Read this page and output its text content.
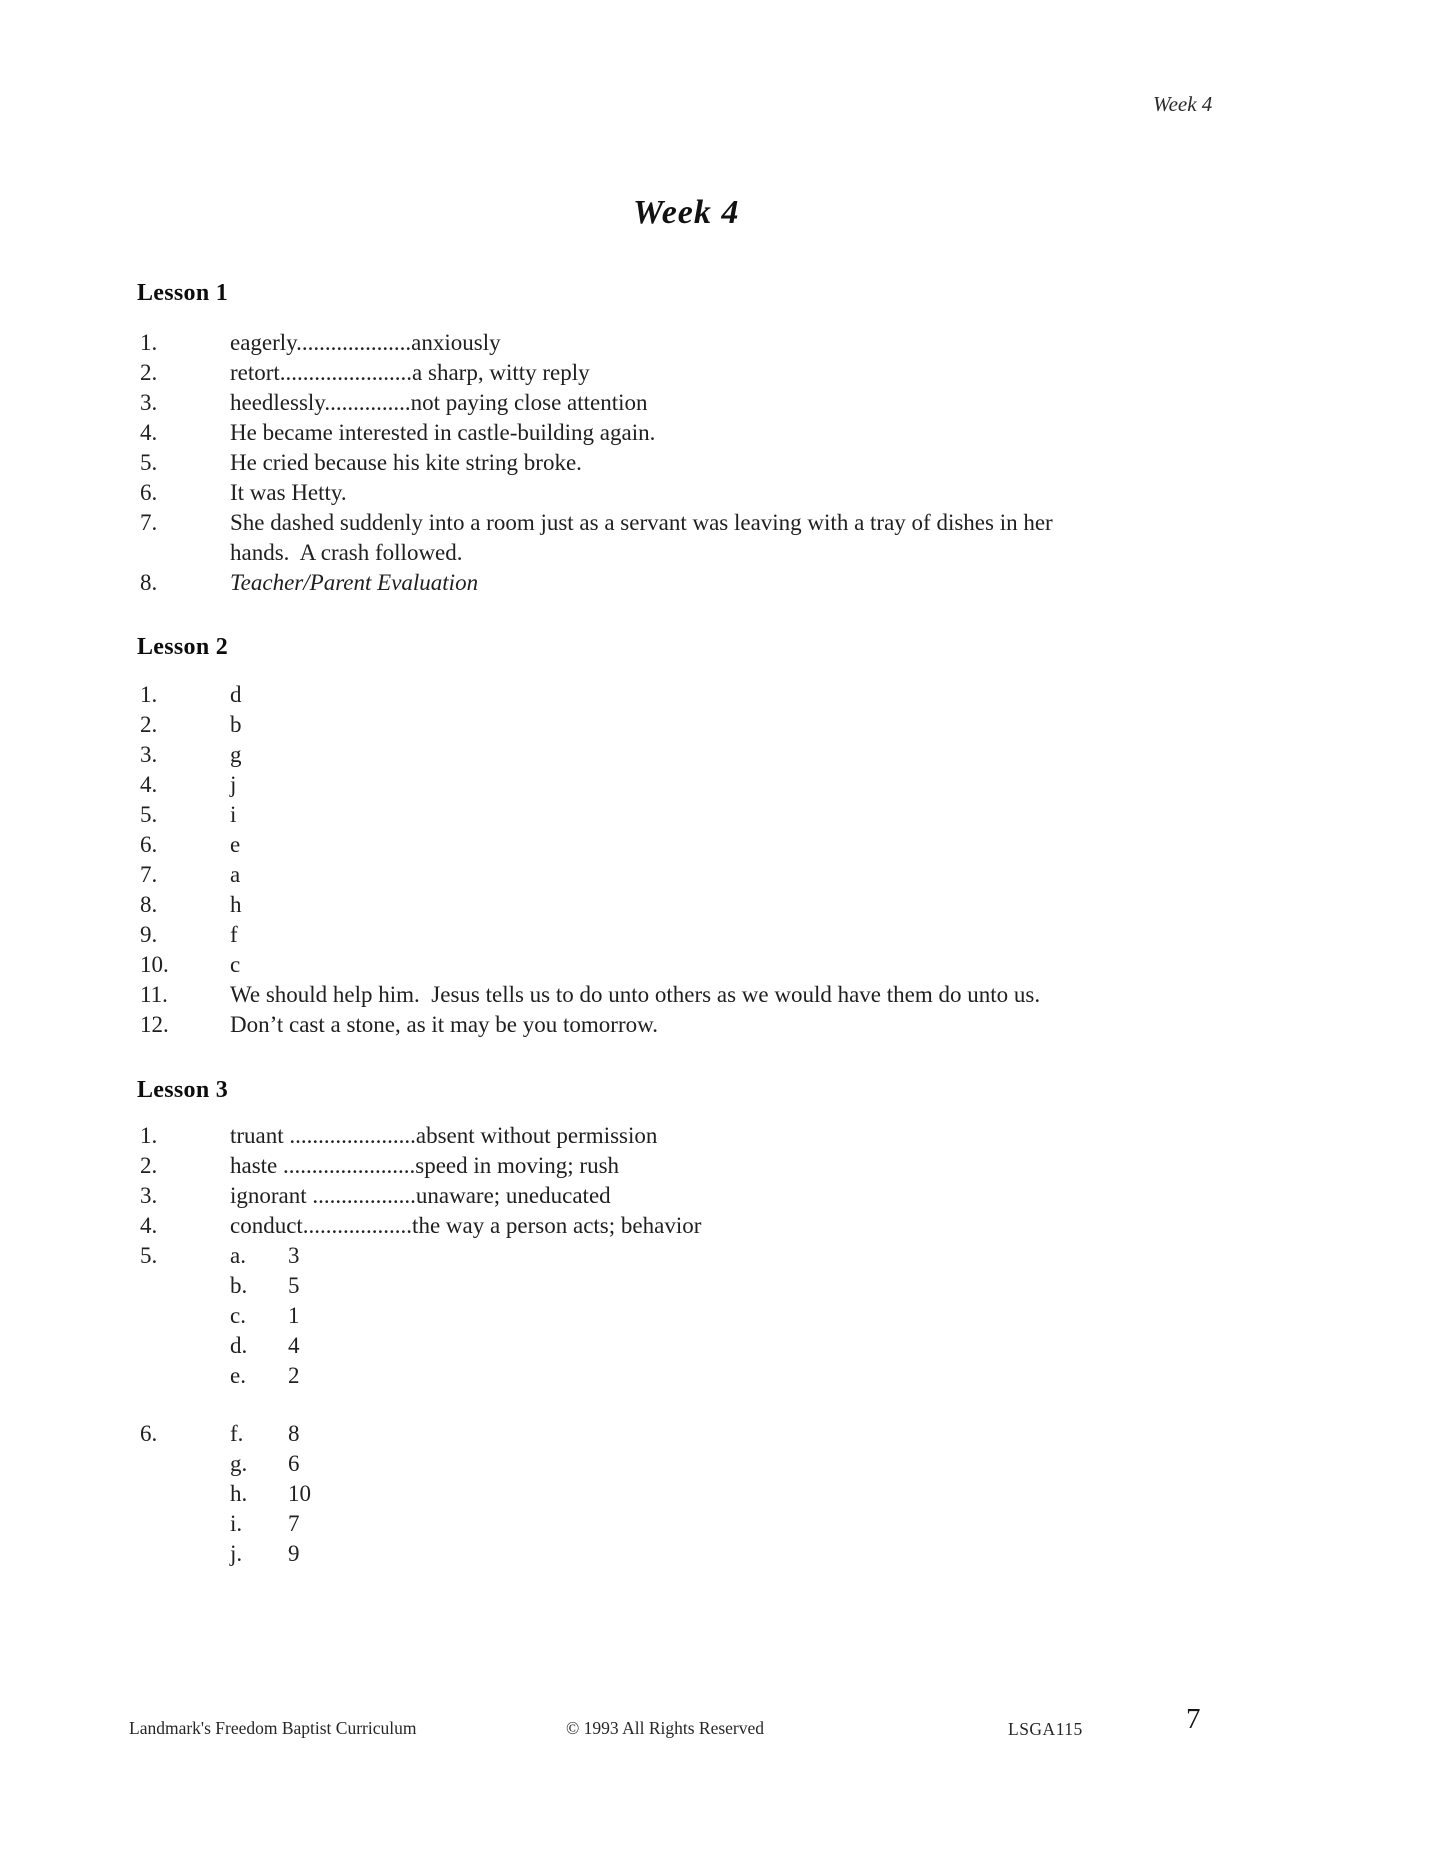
Week 4
Week 4
Lesson 1
1.	eagerly....................anxiously
2.	retort.......................a sharp, witty reply
3.	heedlessly...............not paying close attention
4.	He became interested in castle-building again.
5.	He cried because his kite string broke.
6.	It was Hetty.
7.	She dashed suddenly into a room just as a servant was leaving with a tray of dishes in her hands.  A crash followed.
8.	Teacher/Parent Evaluation
Lesson 2
1.	d
2.	b
3.	g
4.	j
5.	i
6.	e
7.	a
8.	h
9.	f
10.	c
11.	We should help him.  Jesus tells us to do unto others as we would have them do unto us.
12.	Don’t cast a stone, as it may be you tomorrow.
Lesson 3
1.	truant ......................absent without permission
2.	haste .......................speed in moving; rush
3.	ignorant ..................unaware; uneducated
4.	conduct...................the way a person acts; behavior
5.	a.	3
b.	5
c.	1
d.	4
e.	2
6.	f.	8
g.	6
h.	10
i.	7
j.	9
Landmark's Freedom Baptist Curriculum	© 1993 All Rights Reserved	LSGA115	7
